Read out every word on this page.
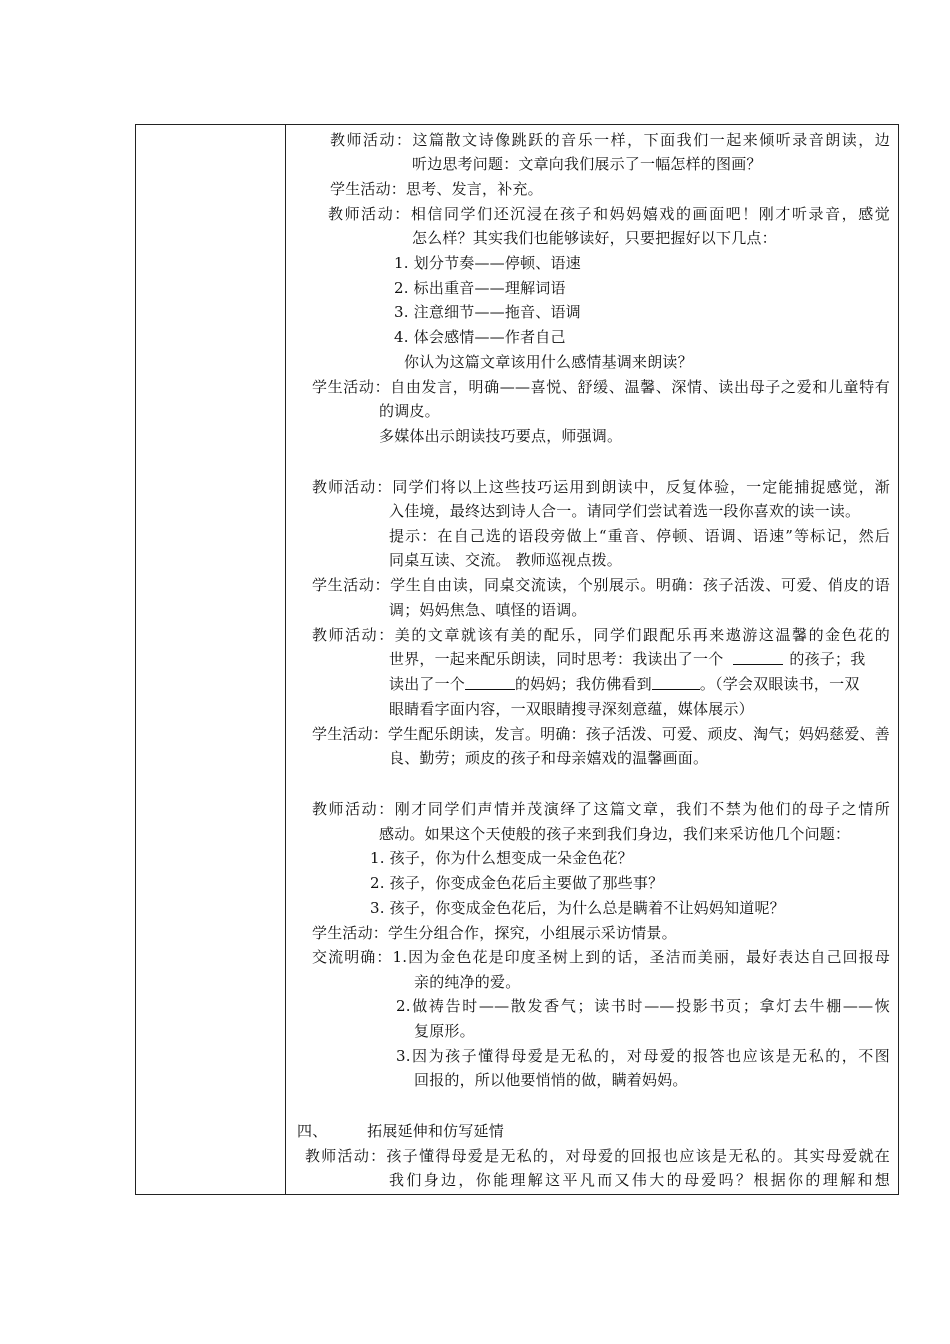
教师活动：这篇散文诗像跳跃的音乐一样，下面我们一起来倾听录音朗读，边
听边思考问题：文章向我们展示了一幅怎样的图画？
学生活动：思考、发言，补充。
教师活动：相信同学们还沉浸在孩子和妈妈嬉戏的画面吧！刚才听录音，感觉
怎么样？其实我们也能够读好，只要把握好以下几点：
1. 划分节奏——停顿、语速
2. 标出重音——理解词语
3. 注意细节——拖音、语调
4. 体会感情——作者自己
你认为这篇文章该用什么感情基调来朗读？
学生活动：自由发言，明确——喜悦、舒缓、温馨、深情、读出母子之爱和儿童特有
的调皮。
多媒体出示朗读技巧要点，师强调。
教师活动：同学们将以上这些技巧运用到朗读中，反复体验，一定能捕捉感觉，渐
入佳境，最终达到诗人合一。请同学们尝试着选一段你喜欢的读一读。
提示：在自己选的语段旁做上“重音、停顿、语调、语速”等标记，然后
同桌互读、交流。 教师巡视点拨。
学生活动：学生自由读，同桌交流读，个别展示。明确：孩子活泼、可爱、俏皮的语
调；妈妈焦急、嗔怪的语调。
教师活动：美的文章就该有美的配乐，同学们跟配乐再来遨游这温馨的金色花的
世界，一起来配乐朗读，同时思考：我读出了一个	的孩子；我
读出了一个	的妈妈；我仿佛看到	。（学会双眼读书，一双
眼睛看字面内容，一双眼睛搜寻深刻意蕴，媒体展示）
学生活动：学生配乐朗读，发言。明确：孩子活泼、可爱、顽皮、淘气；妈妈慈爱、善
良、勤劳；顽皮的孩子和母亲嬉戏的温馨画面。
教师活动：刚才同学们声情并茂演绎了这篇文章，我们不禁为他们的母子之情所
感动。如果这个天使般的孩子来到我们身边，我们来采访他几个问题：
1. 孩子，你为什么想变成一朵金色花？
2. 孩子，你变成金色花后主要做了那些事？
3. 孩子，你变成金色花后，为什么总是瞒着不让妈妈知道呢？
学生活动：学生分组合作，探究，小组展示采访情景。
交流明确：1.因为金色花是印度圣树上到的话，圣洁而美丽，最好表达自己回报母
亲的纯净的爱。
2.做祷告时——散发香气；读书时——投影书页；拿灯去牛棚——恢
复原形。
3.因为孩子懂得母爱是无私的，对母爱的报答也应该是无私的，不图
回报的，所以他要悄悄的做，瞒着妈妈。
四、        拓展延伸和仿写延情
教师活动：孩子懂得母爱是无私的，对母爱的回报也应该是无私的。其实母爱就在
我们身边，你能理解这平凡而又伟大的母爱吗？根据你的理解和想
